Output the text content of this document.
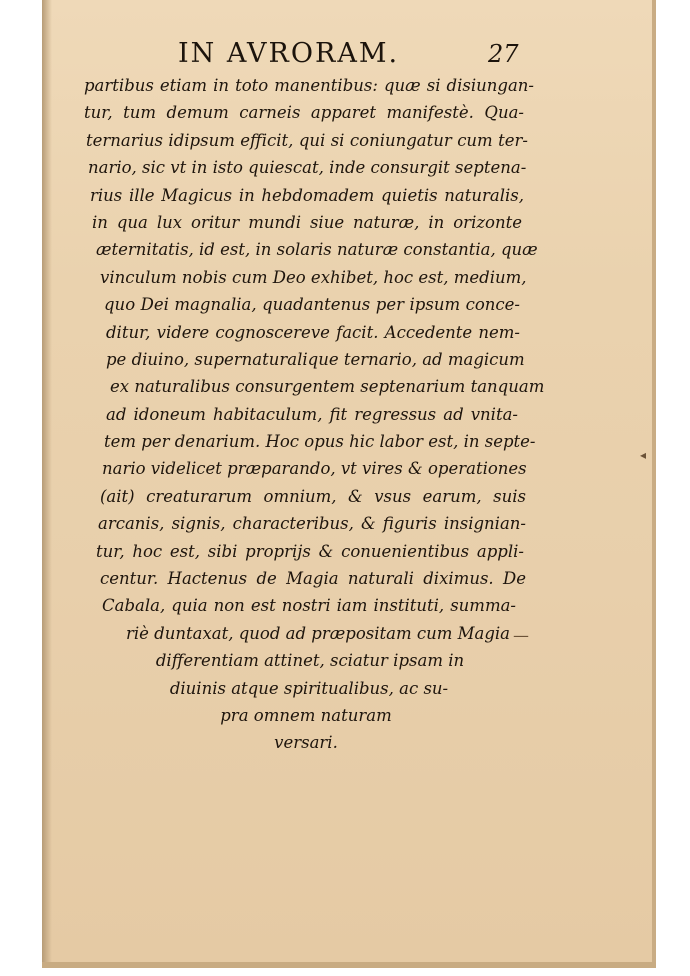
IN AVRORAM.	27
partibus etiam in toto manentibus: quæ si disiungan-
tur, tum demum carneis apparet manifestè. Qua-
ternarius idipsum efficit, qui si coniungatur cum ter-
nario, sic vt in isto quiescat, inde consurgit septena-
rius ille Magicus in hebdomadem quietis naturalis,
in qua lux oritur mundi siue naturæ, in orizonte
æternitatis, id est, in solaris naturæ constantia, quæ
vinculum nobis cum Deo exhibet, hoc est, medium,
quo Dei magnalia, quadantenus per ipsum conce-
ditur, videre cognoscereve facit. Accedente nem-
pe diuino, supernaturalique ternario, ad magicum
ex naturalibus consurgentem septenarium tanquam
ad idoneum habitaculum, fit regressus ad vnita-
tem per denarium. Hoc opus hic labor est, in septe-
nario videlicet præparando, vt vires & operationes
(ait) creaturarum omnium, & vsus earum, suis
arcanis, signis, characteribus, & figuris insignian-
tur, hoc est, sibi proprijs & conuenientibus appli-
centur. Hactenus de Magia naturali diximus. De
Cabala, quia non est nostri iam instituti, summa-
riè duntaxat, quod ad præpositam cum Magia
differentiam attinet, sciatur ipsam in
diuinis atque spiritualibus, ac su-
pra omnem naturam
versari.
—
◂
